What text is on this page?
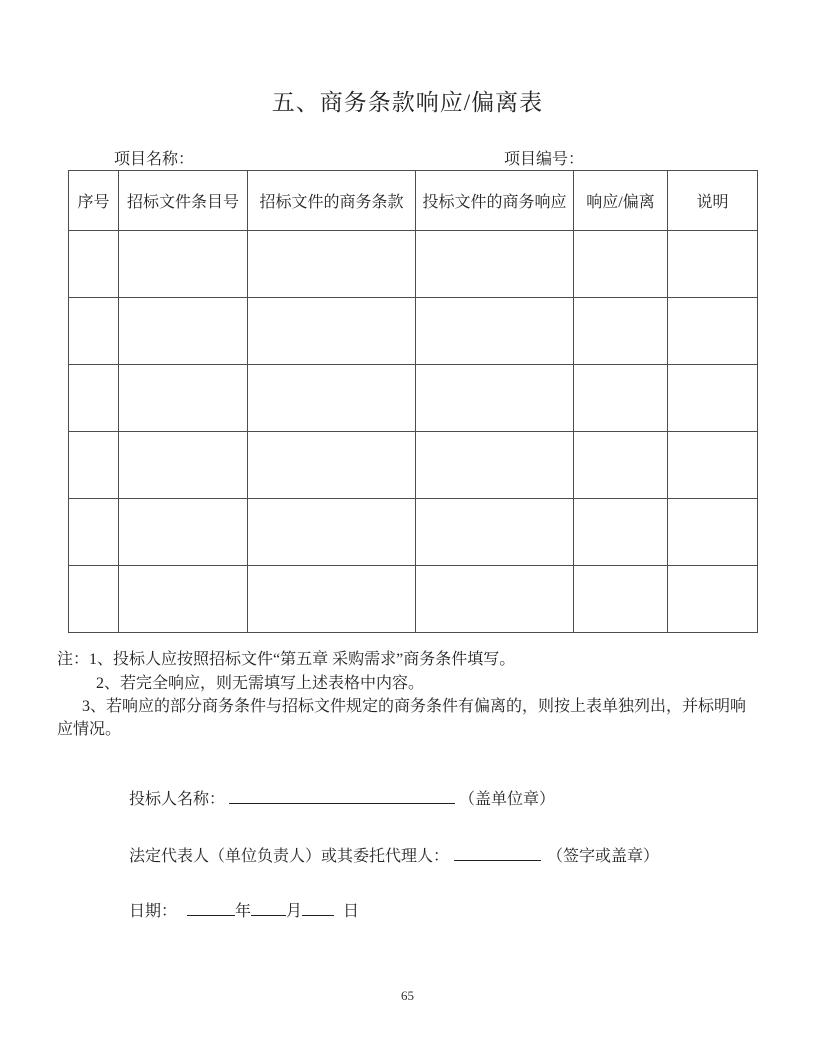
五、商务条款响应/偏离表
项目名称：	项目编号：
序号	招标文件条目号	招标文件的商务条款	投标文件的商务响应	响应/偏离	说明

注：1、投标人应按照招标文件“第五章 采购需求”商务条件填写。
2、若完全响应，则无需填写上述表格中内容。
3、若响应的部分商务条件与招标文件规定的商务条件有偏离的，则按上表单独列出，并标明响
应情况。

投标人名称：	（盖单位章）

法定代表人（单位负责人）或其委托代理人：	（签字或盖章）

日期：	年 月	日

65
